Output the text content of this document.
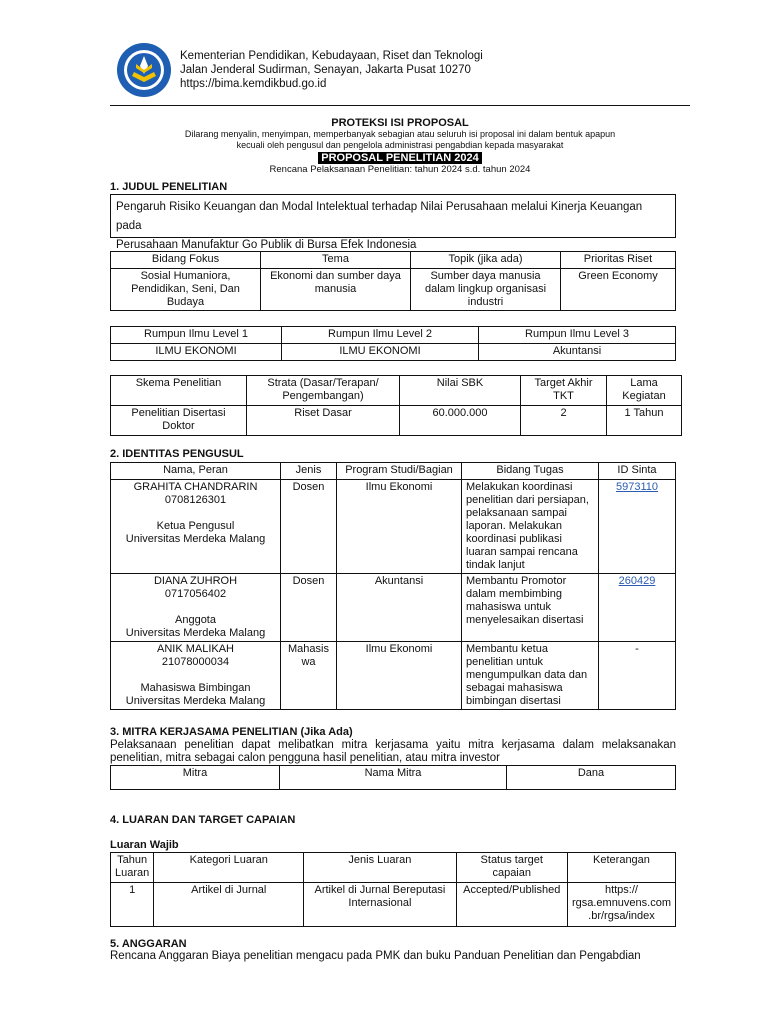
Kementerian Pendidikan, Kebudayaan, Riset dan Teknologi
Jalan Jenderal Sudirman, Senayan, Jakarta Pusat 10270
https://bima.kemdikbud.go.id
PROTEKSI ISI PROPOSAL
Dilarang menyalin, menyimpan, memperbanyak sebagian atau seluruh isi proposal ini dalam bentuk apapun
kecuali oleh pengusul dan pengelola administrasi pengabdian kepada masyarakat
PROPOSAL PENELITIAN 2024
Rencana Pelaksanaan Penelitian: tahun 2024 s.d. tahun 2024
1. JUDUL PENELITIAN
Pengaruh Risiko Keuangan dan Modal Intelektual terhadap Nilai Perusahaan melalui Kinerja Keuangan pada
Perusahaan Manufaktur Go Publik di Bursa Efek Indonesia
Bidang Fokus	Tema	Topik (jika ada)	Prioritas Riset
Sosial Humaniora, Pendidikan, Seni, Dan Budaya	Ekonomi dan sumber daya manusia	Sumber daya manusia dalam lingkup organisasi industri	Green Economy
Rumpun Ilmu Level 1	Rumpun Ilmu Level 2	Rumpun Ilmu Level 3
ILMU EKONOMI	ILMU EKONOMI	Akuntansi
Skema Penelitian	Strata (Dasar/Terapan/ Pengembangan)	Nilai SBK	Target Akhir TKT	Lama Kegiatan
Penelitian Disertasi Doktor	Riset Dasar	60.000.000	2	1 Tahun
2. IDENTITAS PENGUSUL
Nama, Peran	Jenis	Program Studi/Bagian	Bidang Tugas	ID Sinta

GRAHITA CHANDRARIN
0708126301
Ketua Pengusul
Universitas Merdeka Malang	Dosen	Ilmu Ekonomi	Melakukan koordinasi penelitian dari persiapan, pelaksanaan sampai laporan. Melakukan koordinasi publikasi luaran sampai rencana tindak lanjut	5973110

DIANA ZUHROH
0717056402
Anggota
Universitas Merdeka Malang	Dosen	Akuntansi	Membantu Promotor dalam membimbing mahasiswa untuk menyelesaikan disertasi	260429

ANIK MALIKAH
21078000034
Mahasiswa Bimbingan
Universitas Merdeka Malang	Mahasis wa	Ilmu Ekonomi	Membantu ketua penelitian untuk mengumpulkan data dan sebagai mahasiswa bimbingan disertasi	-
3. MITRA KERJASAMA PENELITIAN (Jika Ada)
Pelaksanaan penelitian dapat melibatkan mitra kerjasama yaitu mitra kerjasama dalam melaksanakan penelitian, mitra sebagai calon pengguna hasil penelitian, atau mitra investor
Mitra	Nama Mitra	Dana
4. LUARAN DAN TARGET CAPAIAN
Luaran Wajib
Tahun Luaran	Kategori Luaran	Jenis Luaran	Status target capaian	Keterangan
1	Artikel di Jurnal	Artikel di Jurnal Bereputasi Internasional	Accepted/Published	https:// rgsa.emnuvens.com .br/rgsa/index
5. ANGGARAN
Rencana Anggaran Biaya penelitian mengacu pada PMK dan buku Panduan Penelitian dan Pengabdian
